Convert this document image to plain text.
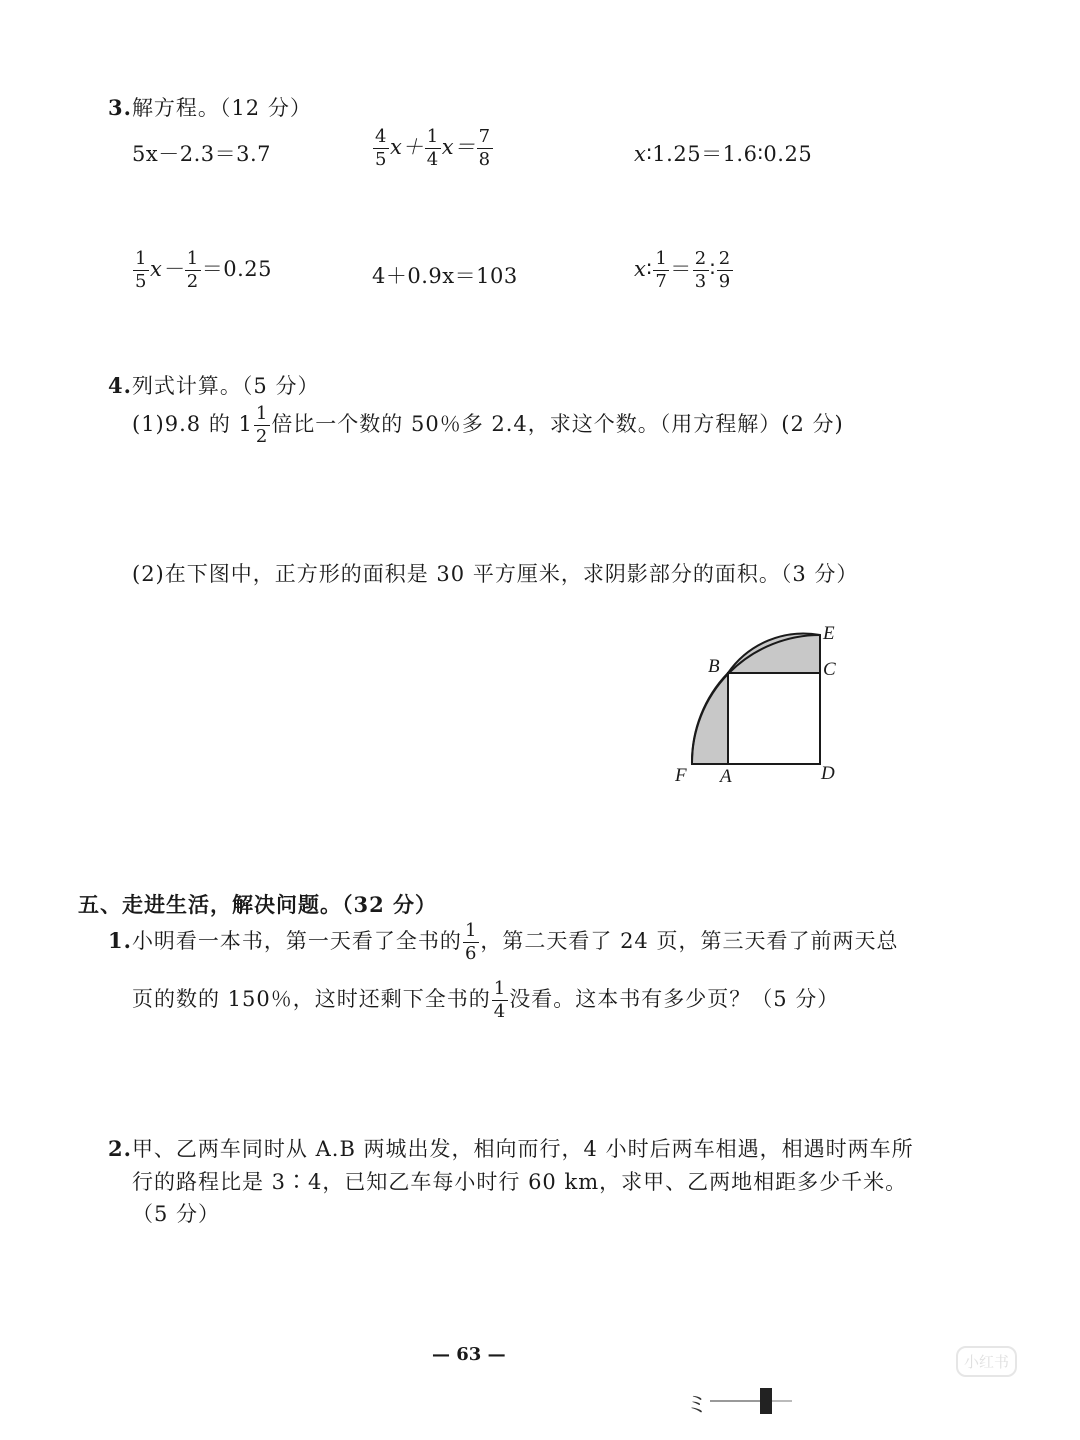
3.解方程。（12 分）
5x－2.3＝3.7	$\frac{4}{5} x+ \frac{1}{4} x= \frac{7}{8}$	x∶1.25＝1.6∶0.25
$\frac{1}{5} x- \frac{1}{2} =0.25$	4＋0.9x＝103	x∶ $\frac{1}{7} = \frac{2}{3}$ ∶ $\frac{2}{9}$
4.列式计算。（5 分）
(1)9.8 的 $1 \frac{1}{2}$ 倍比一个数的 50％多 2.4，求这个数。（用方程解）(2 分)
(2)在下图中，正方形的面积是 30 平方厘米，求阴影部分的面积。（3 分）
E
B	C
F A	D
五、走进生活，解决问题。（32 分）
1.小明看一本书，第一天看了全书的 $\frac{1}{6}$ ，第二天看了 24 页，第三天看了前两天总
页的数的 150％，这时还剩下全书的 $\frac{1}{4}$ 没看。这本书有多少页？（5 分）
2.甲、乙两车同时从 A.B 两城出发，相向而行，4 小时后两车相遇，相遇时两车所
行的路程比是 3∶4，已知乙车每小时行 60 km，求甲、乙两地相距多少千米。
（5 分）
— 63 —	小红书
ミ
